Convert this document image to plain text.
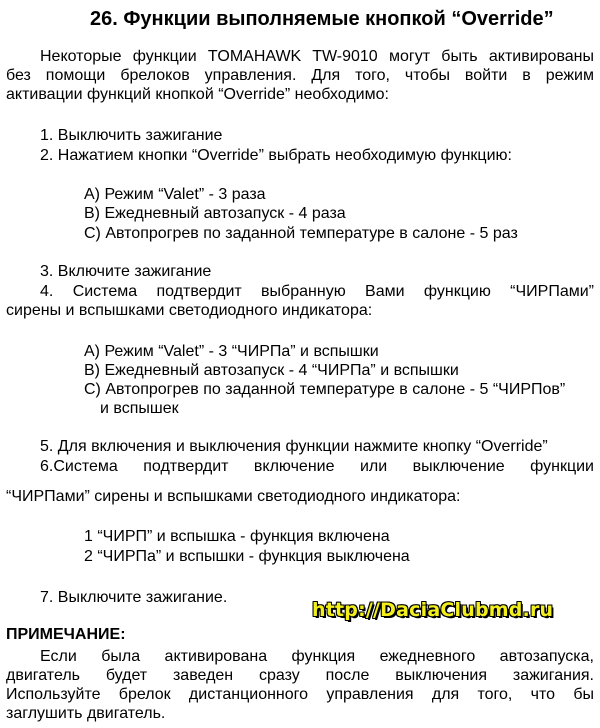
26. Функции выполняемые кнопкой “Override”
Некоторые функции TOMAHAWK TW-9010 могут быть активированы
без помощи брелоков управления. Для того, чтобы войти в режим
активации функций кнопкой “Override” необходимо:
1. Выключить зажигание
2. Нажатием кнопки “Override” выбрать необходимую функцию:
A) Режим “Valet” - 3 раза
B) Ежедневный автозапуск - 4 раза
C) Автопрогрев по заданной температуре в салоне - 5 раз
3. Включите зажигание
4. Система подтвердит выбранную Вами функцию “ЧИРПами”
сирены и вспышками светодиодного индикатора:
A) Режим “Valet” - 3 “ЧИРПа” и вспышки
B) Ежедневный автозапуск - 4 “ЧИРПа” и вспышки
C) Автопрогрев по заданной температуре в салоне - 5 “ЧИРПов”
и вспышек
5. Для включения и выключения функции нажмите кнопку “Override”
6.Система подтвердит включение или выключение функции
“ЧИРПами” сирены и вспышками светодиодного индикатора:
1 “ЧИРП” и вспышка - функция включена
2 “ЧИРПа” и вспышки - функция выключена
7. Выключите зажигание.
http://DaciaClubmd.ru
ПРИМЕЧАНИЕ:
Если была активирована функция ежедневного автозапуска,
двигатель будет заведен сразу после выключения зажигания.
Используйте брелок дистанционного управления для того, что бы
заглушить двигатель.
